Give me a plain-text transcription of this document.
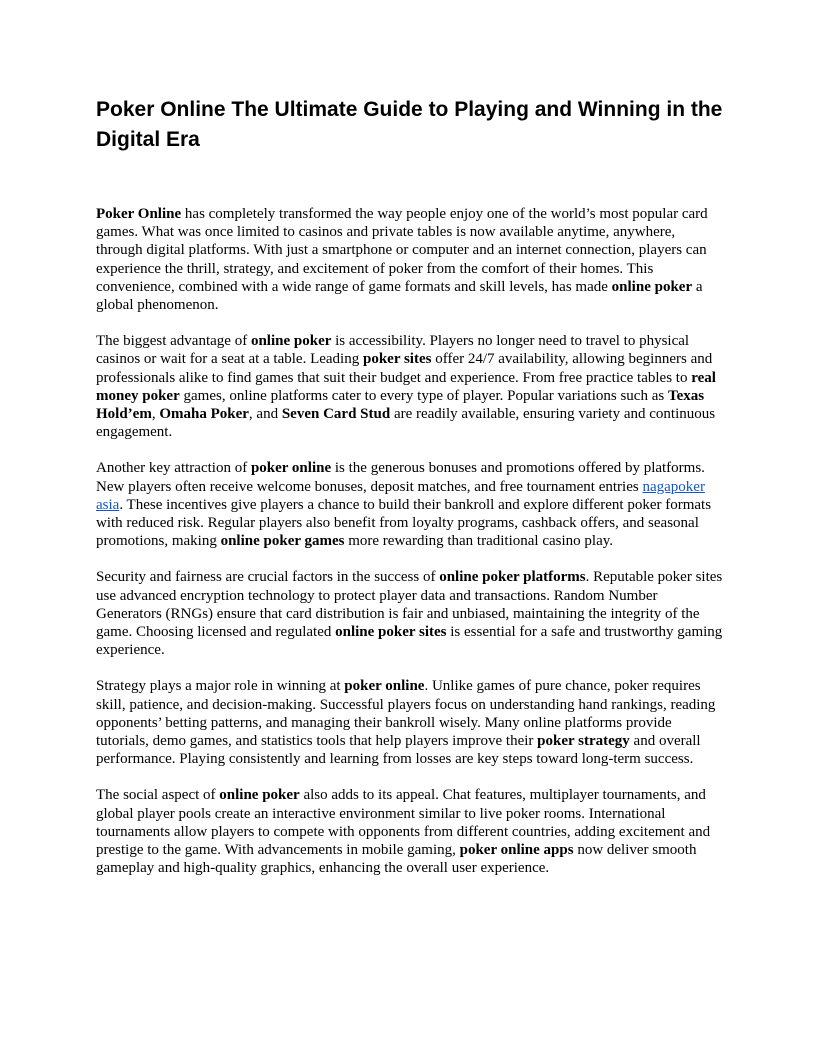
Poker Online The Ultimate Guide to Playing and Winning in the Digital Era

Poker Online has completely transformed the way people enjoy one of the world’s most popular card games. What was once limited to casinos and private tables is now available anytime, anywhere, through digital platforms. With just a smartphone or computer and an internet connection, players can experience the thrill, strategy, and excitement of poker from the comfort of their homes. This convenience, combined with a wide range of game formats and skill levels, has made online poker a global phenomenon.

The biggest advantage of online poker is accessibility. Players no longer need to travel to physical casinos or wait for a seat at a table. Leading poker sites offer 24/7 availability, allowing beginners and professionals alike to find games that suit their budget and experience. From free practice tables to real money poker games, online platforms cater to every type of player. Popular variations such as Texas Hold’em, Omaha Poker, and Seven Card Stud are readily available, ensuring variety and continuous engagement.

Another key attraction of poker online is the generous bonuses and promotions offered by platforms. New players often receive welcome bonuses, deposit matches, and free tournament entries nagapoker asia. These incentives give players a chance to build their bankroll and explore different poker formats with reduced risk. Regular players also benefit from loyalty programs, cashback offers, and seasonal promotions, making online poker games more rewarding than traditional casino play.

Security and fairness are crucial factors in the success of online poker platforms. Reputable poker sites use advanced encryption technology to protect player data and transactions. Random Number Generators (RNGs) ensure that card distribution is fair and unbiased, maintaining the integrity of the game. Choosing licensed and regulated online poker sites is essential for a safe and trustworthy gaming experience.

Strategy plays a major role in winning at poker online. Unlike games of pure chance, poker requires skill, patience, and decision-making. Successful players focus on understanding hand rankings, reading opponents’ betting patterns, and managing their bankroll wisely. Many online platforms provide tutorials, demo games, and statistics tools that help players improve their poker strategy and overall performance. Playing consistently and learning from losses are key steps toward long-term success.

The social aspect of online poker also adds to its appeal. Chat features, multiplayer tournaments, and global player pools create an interactive environment similar to live poker rooms. International tournaments allow players to compete with opponents from different countries, adding excitement and prestige to the game. With advancements in mobile gaming, poker online apps now deliver smooth gameplay and high-quality graphics, enhancing the overall user experience.
